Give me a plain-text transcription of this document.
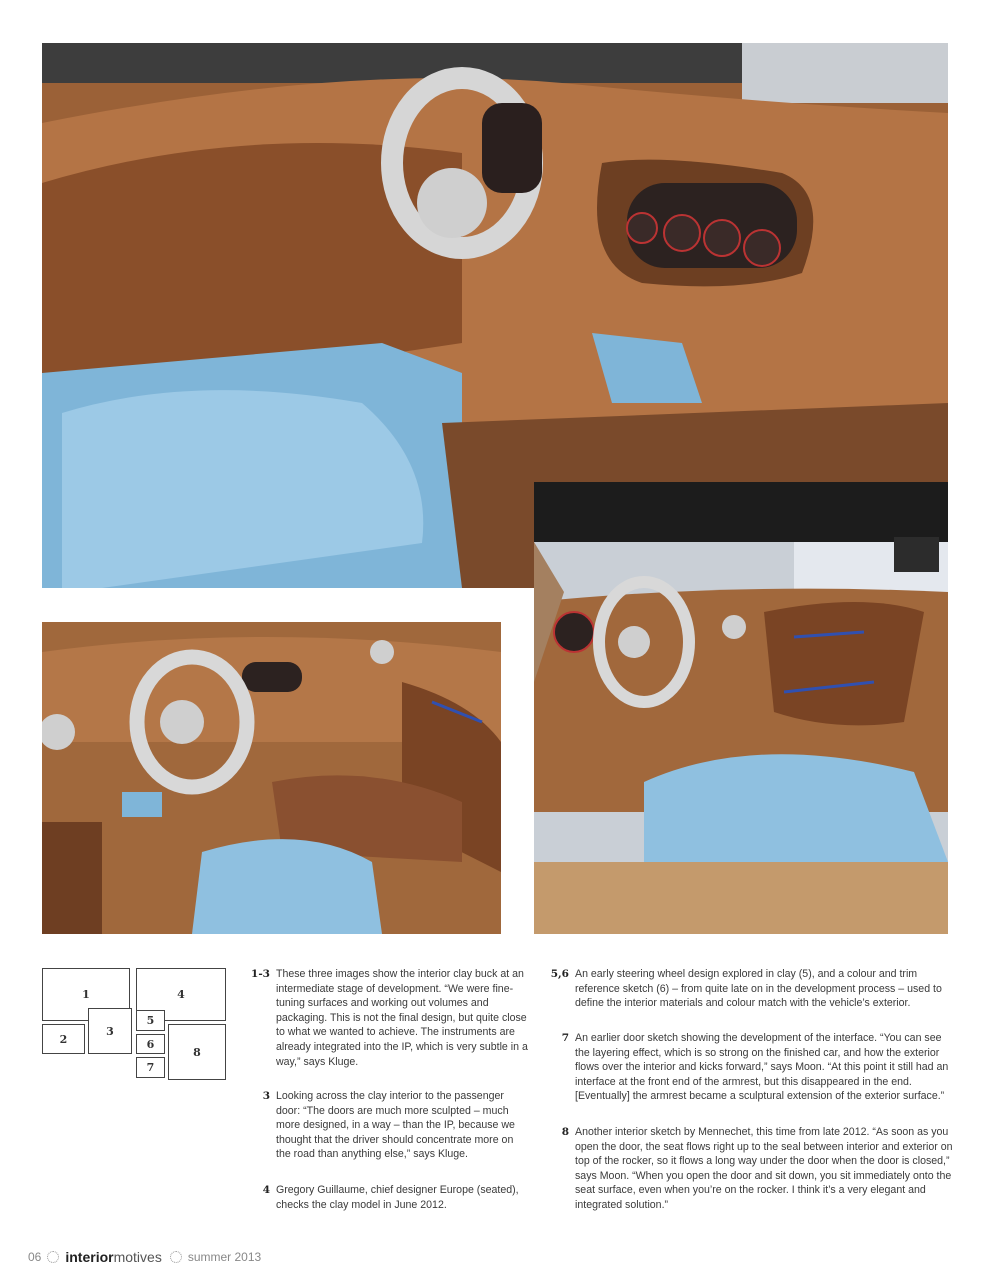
1
2
3
4
5
6
7
8
1-3 These three images show the interior clay buck at an intermediate stage of development. “We were fine-tuning surfaces and working out volumes and packaging. This is not the final design, but quite close to what we wanted to achieve. The instruments are already integrated into the IP, which is very subtle in a way,” says Kluge.
3 Looking across the clay interior to the passenger door: “The doors are much more sculpted – much more designed, in a way – than the IP, because we thought that the driver should concentrate more on the road than anything else,” says Kluge.
4 Gregory Guillaume, chief designer Europe (seated), checks the clay model in June 2012.
5,6 An early steering wheel design explored in clay (5), and a colour and trim reference sketch (6) – from quite late on in the development process – used to define the interior materials and colour match with the vehicle’s exterior.
7 An earlier door sketch showing the development of the interface. “You can see the layering effect, which is so strong on the finished car, and how the exterior flows over the interior and kicks forward,” says Moon. “At this point it still had an interface at the front end of the armrest, but this disappeared in the end. [Eventually] the armrest became a sculptural extension of the exterior surface.”
8 Another interior sketch by Mennechet, this time from late 2012. “As soon as you open the door, the seat flows right up to the seal between interior and exterior on top of the rocker, so it flows a long way under the door when the door is closed,” says Moon. “When you open the door and sit down, you sit immediately onto the seat surface, even when you’re on the rocker. I think it’s a very elegant and integrated solution.”
06 interior motives summer 2013
